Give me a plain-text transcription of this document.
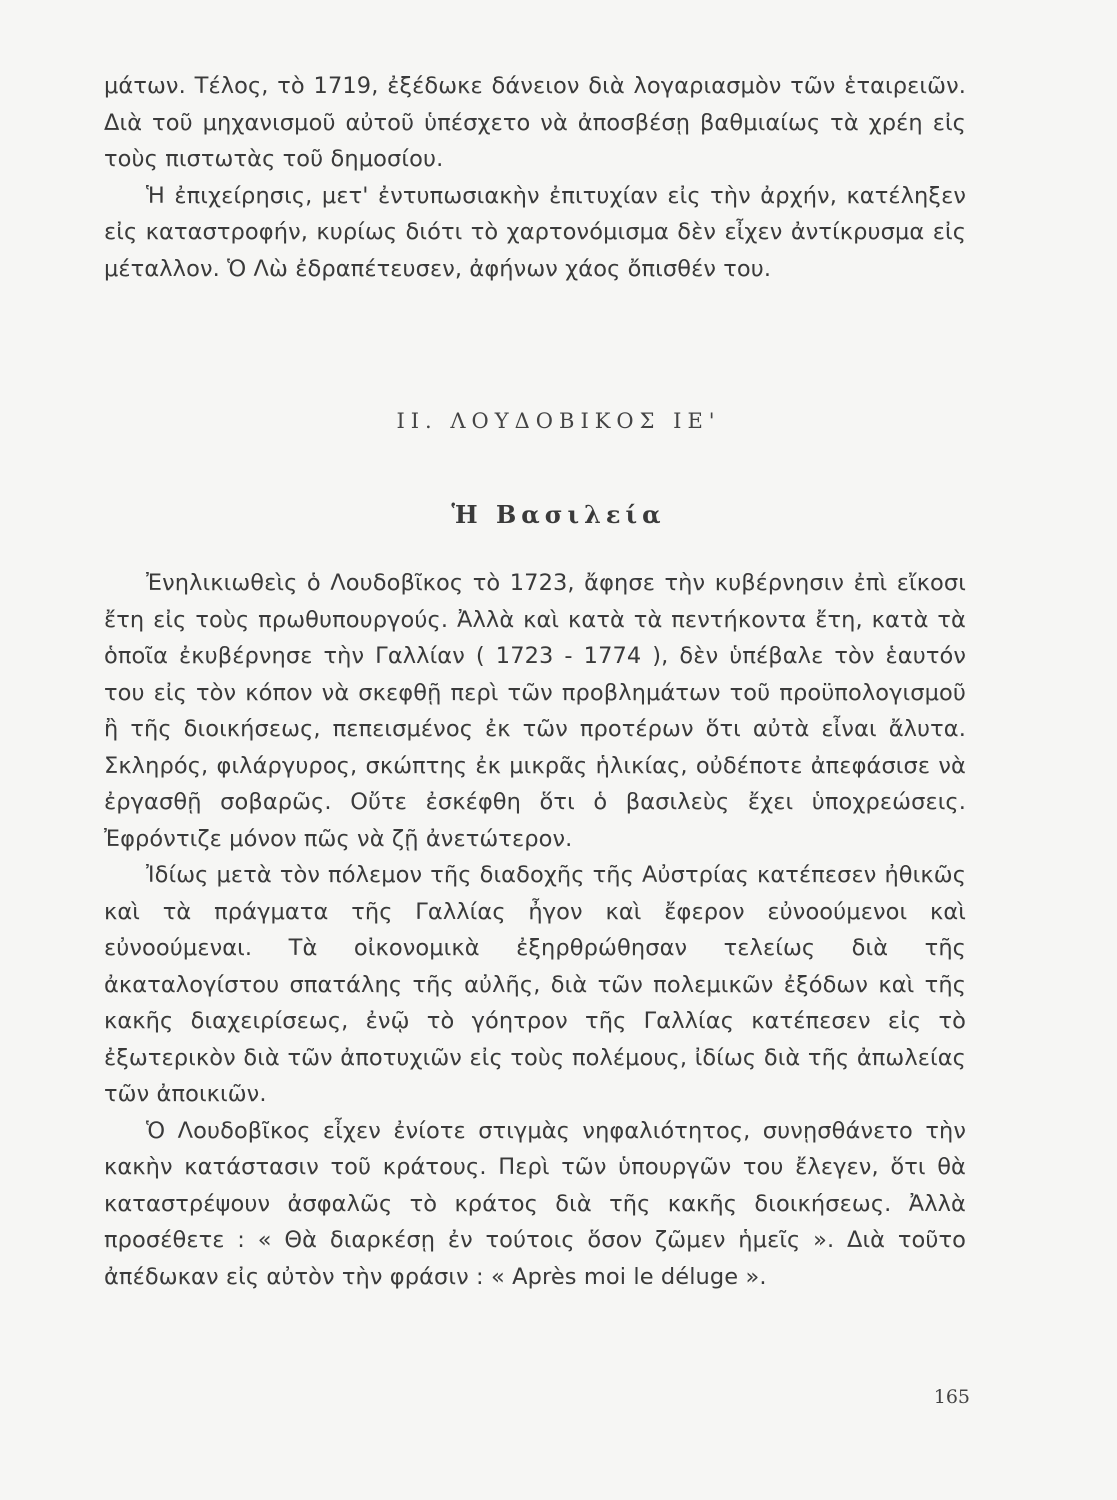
μάτων. Τέλος, τὸ 1719, ἐξέδωκε δάνειον διὰ λογαριασμὸν τῶν ἑταιρειῶν. Διὰ τοῦ μηχανισμοῦ αὐτοῦ ὑπέσχετο νὰ ἀποσβέσῃ βαθμιαίως τὰ χρέη εἰς τοὺς πιστωτὰς τοῦ δημοσίου.

Ἡ ἐπιχείρησις, μετ' ἐντυπωσιακὴν ἐπιτυχίαν εἰς τὴν ἀρχήν, κατέληξεν εἰς καταστροφήν, κυρίως διότι τὸ χαρτονόμισμα δὲν εἶχεν ἀντίκρυσμα εἰς μέταλλον. Ὁ Λὼ ἐδραπέτευσεν, ἀφήνων χάος ὄπισθέν του.

II. ΛΟΥΔΟΒΙΚΟΣ ΙΕ'
Ἡ Βασιλεία

Ἐνηλικιωθεὶς ὁ Λουδοβῖκος τὸ 1723, ἄφησε τὴν κυβέρνησιν ἐπὶ εἴκοσι ἔτη εἰς τοὺς πρωθυπουργούς. Ἀλλὰ καὶ κατὰ τὰ πεντήκοντα ἔτη, κατὰ τὰ ὁποῖα ἐκυβέρνησε τὴν Γαλλίαν ( 1723 - 1774 ), δὲν ὑπέβαλε τὸν ἑαυτόν του εἰς τὸν κόπον νὰ σκεφθῇ περὶ τῶν προβλημάτων τοῦ προϋπολογισμοῦ ἢ τῆς διοικήσεως, πεπεισμένος ἐκ τῶν προτέρων ὅτι αὐτὰ εἶναι ἄλυτα. Σκληρός, φιλάργυρος, σκώπτης ἐκ μικρᾶς ἡλικίας, οὐδέποτε ἀπεφάσισε νὰ ἐργασθῇ σοβαρῶς. Οὔτε ἐσκέφθη ὅτι ὁ βασιλεὺς ἔχει ὑποχρεώσεις. Ἐφρόντιζε μόνον πῶς νὰ ζῇ ἀνετώτερον.

Ἰδίως μετὰ τὸν πόλεμον τῆς διαδοχῆς τῆς Αὐστρίας κατέπεσεν ἠθικῶς καὶ τὰ πράγματα τῆς Γαλλίας ἦγον καὶ ἔφερον εὐνοούμενοι καὶ εὐνοούμεναι. Τὰ οἰκονομικὰ ἐξηρθρώθησαν τελείως διὰ τῆς ἀκαταλογίστου σπατάλης τῆς αὐλῆς, διὰ τῶν πολεμικῶν ἐξόδων καὶ τῆς κακῆς διαχειρίσεως, ἐνῷ τὸ γόητρον τῆς Γαλλίας κατέπεσεν εἰς τὸ ἐξωτερικὸν διὰ τῶν ἀποτυχιῶν εἰς τοὺς πολέμους, ἰδίως διὰ τῆς ἀπωλείας τῶν ἀποικιῶν.

Ὁ Λουδοβῖκος εἶχεν ἐνίοτε στιγμὰς νηφαλιότητος, συνῃσθάνετο τὴν κακὴν κατάστασιν τοῦ κράτους. Περὶ τῶν ὑπουργῶν του ἔλεγεν, ὅτι θὰ καταστρέψουν ἀσφαλῶς τὸ κράτος διὰ τῆς κακῆς διοικήσεως. Ἀλλὰ προσέθετε : « Θὰ διαρκέσῃ ἐν τούτοις ὅσον ζῶμεν ἡμεῖς ». Διὰ τοῦτο ἀπέδωκαν εἰς αὐτὸν τὴν φράσιν : « Après moi le déluge ».

165
